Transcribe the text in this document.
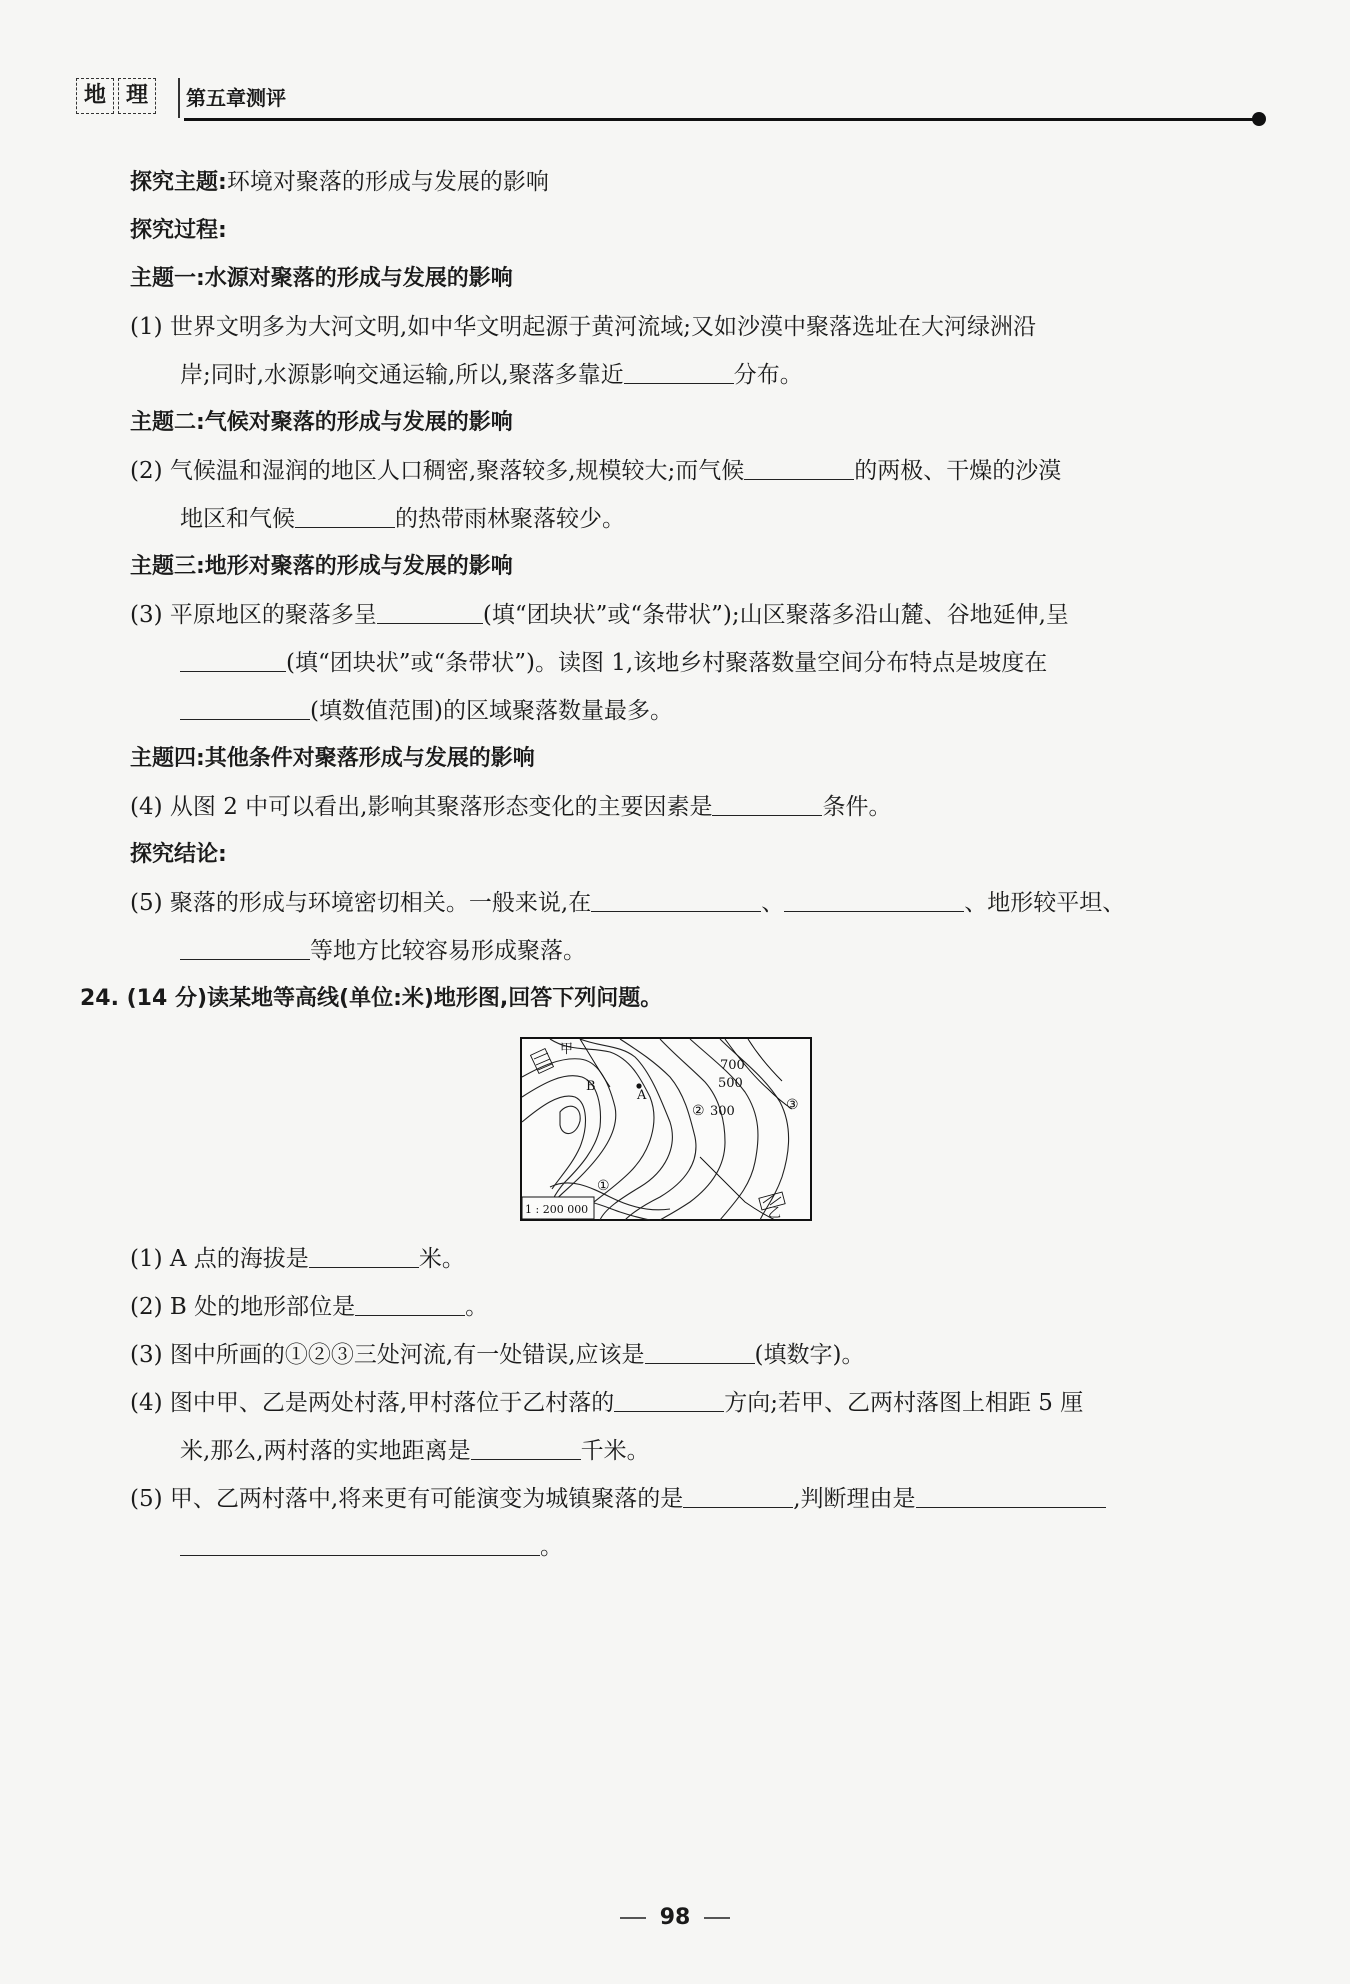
地 理	第五章测评
探究主题:环境对聚落的形成与发展的影响
探究过程:
主题一:水源对聚落的形成与发展的影响
(1) 世界文明多为大河文明,如中华文明起源于黄河流域;又如沙漠中聚落选址在大河绿洲沿
岸;同时,水源影响交通运输,所以,聚落多靠近	分布。
主题二:气候对聚落的形成与发展的影响
(2) 气候温和湿润的地区人口稠密,聚落较多,规模较大;而气候	的两极、干燥的沙漠
地区和气候	的热带雨林聚落较少。
主题三:地形对聚落的形成与发展的影响
(3) 平原地区的聚落多呈	(填“团块状”或“条带状”);山区聚落多沿山麓、谷地延伸,呈
(填“团块状”或“条带状”)。读图 1,该地乡村聚落数量空间分布特点是坡度在
(填数值范围)的区域聚落数量最多。
主题四:其他条件对聚落形成与发展的影响
(4) 从图 2 中可以看出,影响其聚落形态变化的主要因素是	条件。
探究结论:
(5) 聚落的形成与环境密切相关。一般来说,在	、	、地形较平坦、
等地方比较容易形成聚落。
24. (14 分)读某地等高线(单位:米)地形图,回答下列问题。
甲
乙
A
B
700
500
300
①
②	③
1 : 200 000
(1) A 点的海拔是	米。
(2) B 处的地形部位是	。
(3) 图中所画的①②③三处河流,有一处错误,应该是	(填数字)。
(4) 图中甲、乙是两处村落,甲村落位于乙村落的	方向;若甲、乙两村落图上相距 5 厘
米,那么,两村落的实地距离是	千米。
(5) 甲、乙两村落中,将来更有可能演变为城镇聚落的是	,判断理由是
。
98
